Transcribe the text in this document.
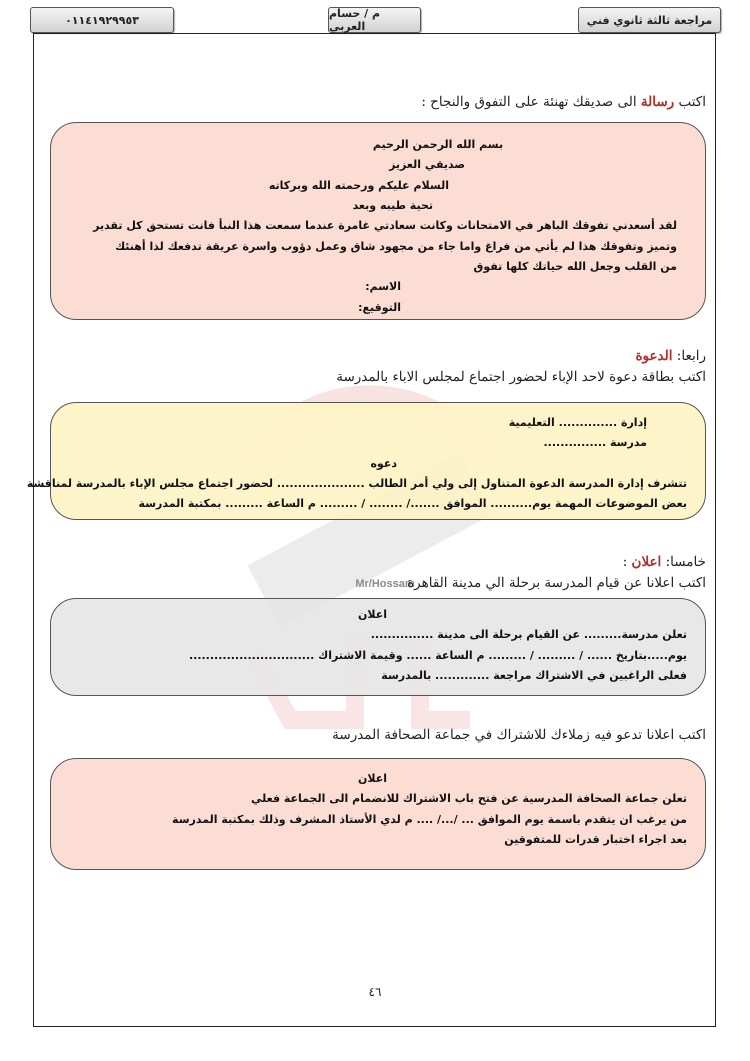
٠١١٤١٩٢٩٩٥٣	م / حسام العربي	مراجعة ثالثة ثانوي فني
Mr/Hossam
اكتب رسالة الى صديقك تهنئة على التفوق والنجاح :
بسم الله الرحمن الرحيم
صديقي العزيز
السلام عليكم ورحمته الله وبركاته
تحية طيبه وبعد
لقد أسعدني تفوقك الباهر في الامتحانات وكانت سعادتي غامرة عندما سمعت هذا النبأ فانت تستحق كل تقدير
وتميز وتفوقك هذا لم يأتي من فراغ واما جاء من مجهود شاق وعمل دؤوب واسرة عريقة تدفعك لذا أهنئك
من القلب وجعل الله حياتك كلها تفوق
الاسم:
التوقيع:
رابعا: الدعوة
اكتب بطاقة دعوة لاحد الإباء لحضور اجتماع لمجلس الاباء بالمدرسة
إدارة .............. التعليمية
مدرسة ...............
دعوه
تتشرف إدارة المدرسة الدعوة المتناول إلى ولي أمر الطالب ..................... لحضور اجتماع مجلس الإباء بالمدرسة لمناقشة
بعض الموضوعات المهمة يوم.......... الموافق ......./ ........ / ......... م الساعة ......... بمكتبة المدرسة
خامسا: اعلان :
اكتب اعلانا عن قيام المدرسة برحلة الي مدينة القاهرة
اعلان
تعلن مدرسة......... عن القيام برحلة الى مدينة ...............
يوم.....بتاريخ ...... / ......... / ......... م الساعة ...... وقيمة الاشتراك ..............................
فعلى الراغبين في الاشتراك مراجعة ............. بالمدرسة
اكتب اعلانا تدعو فيه زملاءك للاشتراك في جماعة الصحافة المدرسة
اعلان
تعلن جماعة الصحافة المدرسية عن فتح باب الاشتراك للانضمام الى الجماعة فعلي
من يرغب ان يتقدم باسمة يوم الموافق ... /.../ .... م لدي الأستاذ المشرف وذلك بمكتبة المدرسة
بعد اجراء اختبار قدرات للمتفوقين
٤٦
